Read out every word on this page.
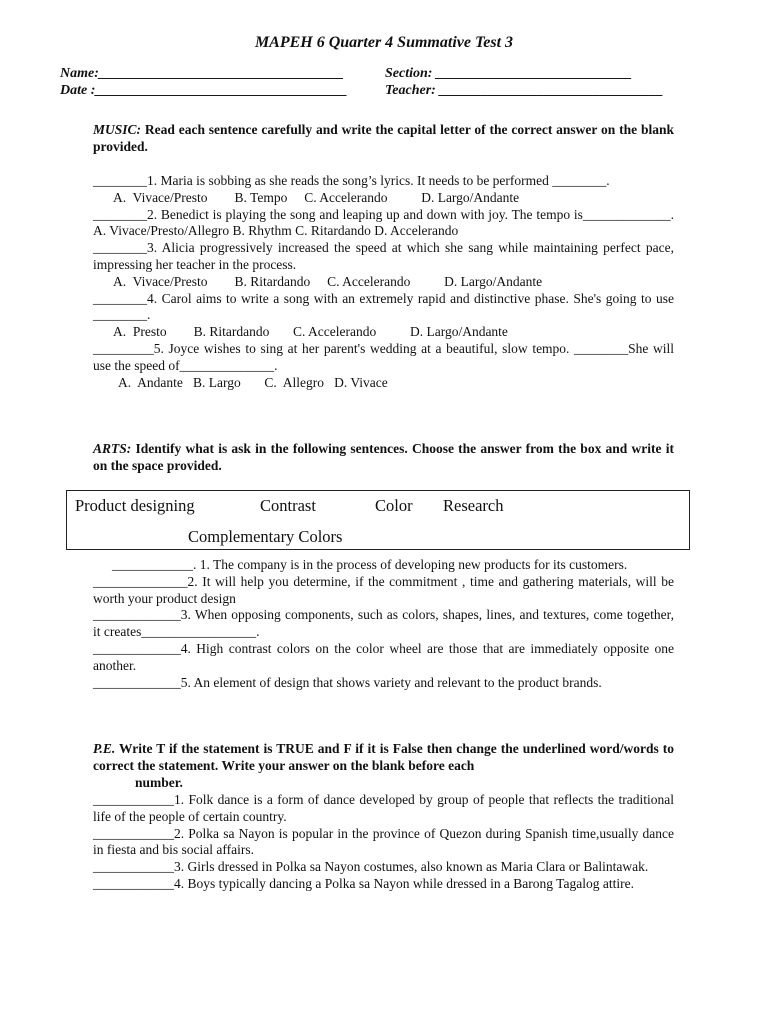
MAPEH 6 Quarter 4 Summative Test 3
Name:___________________________________	Section: ____________________________
Date :____________________________________	Teacher: ________________________________
MUSIC: Read each sentence carefully and write the capital letter of the correct answer on the blank provided.

________1. Maria is sobbing as she reads the song’s lyrics. It needs to be performed ________.

A.  Vivace/Presto        B. Tempo     C. Accelerando          D. Largo/Andante

________2. Benedict is playing the song and leaping up and down with joy. The tempo is_____________. A. Vivace/Presto/Allegro B. Rhythm C. Ritardando D. Accelerando

________3. Alicia progressively increased the speed at which she sang while maintaining perfect pace, impressing her teacher in the process.

A.  Vivace/Presto        B. Ritardando     C. Accelerando          D. Largo/Andante

________4. Carol aims to write a song with an extremely rapid and distinctive phase. She's going to use ________.

A.  Presto        B. Ritardando       C. Accelerando          D. Largo/Andante

_________5. Joyce wishes to sing at her parent's wedding at a beautiful, slow tempo. ________She will use the speed of______________.

A.  Andante   B. Largo       C.  Allegro   D. Vivace

ARTS: Identify what is ask in the following sentences. Choose the answer from the box and write it on the space provided.
Product designing	Contrast	Color Research
Complementary Colors

____________. 1. The company is in the process of developing new products for its customers.

______________2. It will help you determine, if the commitment , time and gathering materials, will be worth your product design

_____________3. When opposing components, such as colors, shapes, lines, and textures, come together, it creates_________________.

_____________4. High contrast colors on the color wheel are those that are immediately opposite one another.

_____________5. An element of design that shows variety and relevant to the product brands.

P.E. Write T if the statement is TRUE and F if it is False then change the underlined word/words to correct the statement. Write your answer on the blank before each
number.

____________1. Folk dance is a form of dance developed by group of people that reflects the traditional life of the people of certain country.

____________2. Polka sa Nayon is popular in the province of Quezon during Spanish time,usually dance in fiesta and bis social affairs.

____________3. Girls dressed in Polka sa Nayon costumes, also known as Maria Clara or Balintawak.

____________4. Boys typically dancing a Polka sa Nayon while dressed in a Barong Tagalog attire.
